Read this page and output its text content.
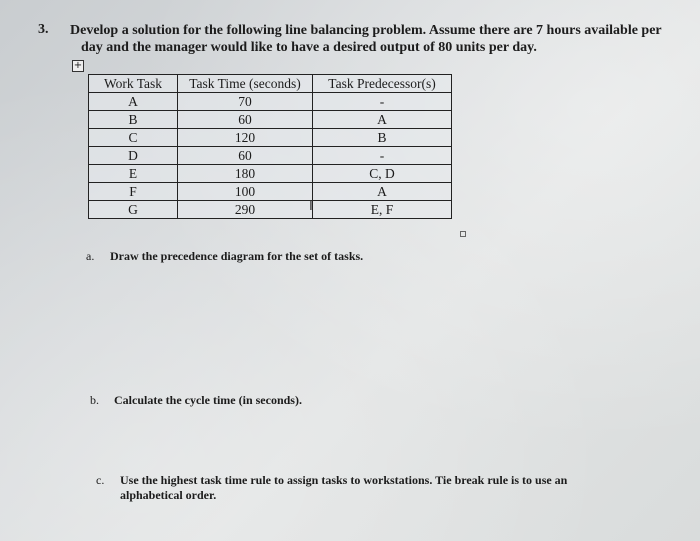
3. Develop a solution for the following line balancing problem. Assume there are 7 hours available per
day and the manager would like to have a desired output of 80 units per day.
+
Work Task	Task Time (seconds)	Task Predecessor(s)
A	70	-
B	60	A
C	120	B
D	60	-
E	180	C, D
F	100	A
G	290	E, F
I
a. Draw the precedence diagram for the set of tasks.
b. Calculate the cycle time (in seconds).
c. Use the highest task time rule to assign tasks to workstations. Tie break rule is to use an
alphabetical order.
